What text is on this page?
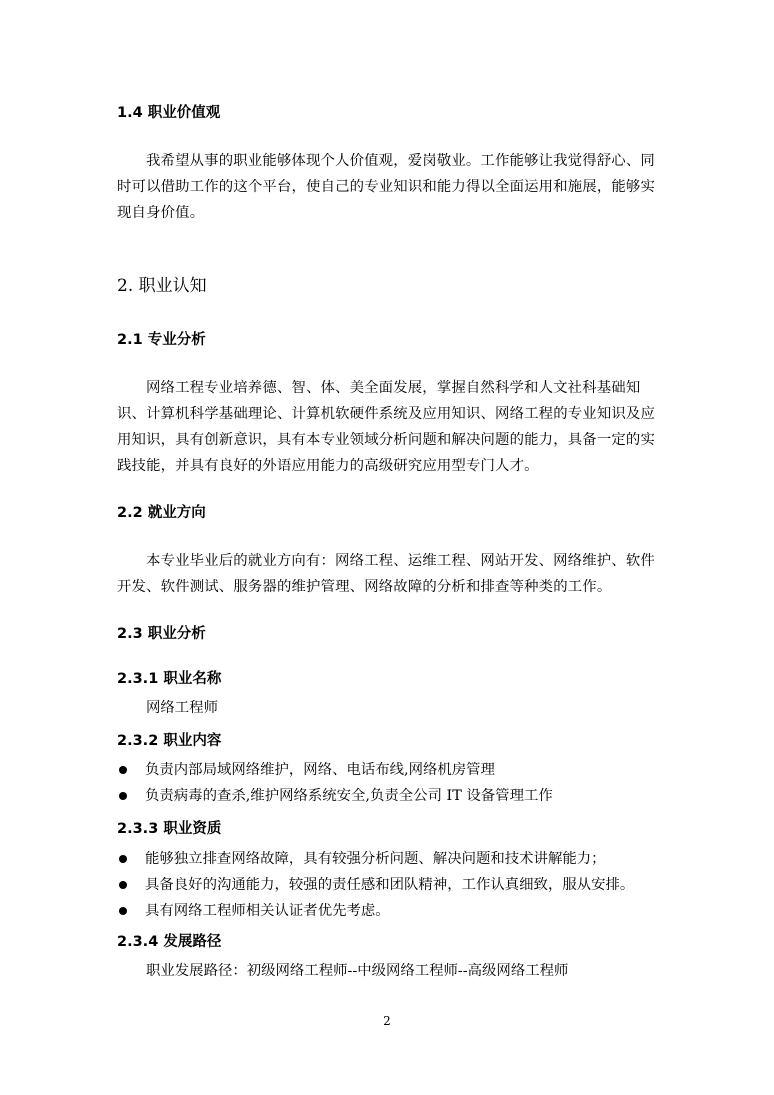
1.4 职业价值观

我希望从事的职业能够体现个人价值观，爱岗敬业。工作能够让我觉得舒心、同时可以借助工作的这个平台，使自己的专业知识和能力得以全面运用和施展，能够实现自身价值。

2. 职业认知
2.1 专业分析

网络工程专业培养德、智、体、美全面发展，掌握自然科学和人文社科基础知识、计算机科学基础理论、计算机软硬件系统及应用知识、网络工程的专业知识及应用知识，具有创新意识，具有本专业领域分析问题和解决问题的能力，具备一定的实践技能，并具有良好的外语应用能力的高级研究应用型专门人才。

2.2 就业方向

本专业毕业后的就业方向有：网络工程、运维工程、网站开发、网络维护、软件开发、软件测试、服务器的维护管理、网络故障的分析和排查等种类的工作。

2.3 职业分析
2.3.1 职业名称

网络工程师

2.3.2 职业内容
负责内部局域网络维护，网络、电话布线,网络机房管理
负责病毒的查杀,维护网络系统安全,负责全公司 IT 设备管理工作
2.3.3 职业资质
能够独立排查网络故障，具有较强分析问题、解决问题和技术讲解能力；
具备良好的沟通能力，较强的责任感和团队精神，工作认真细致，服从安排。
具有网络工程师相关认证者优先考虑。
2.3.4 发展路径

职业发展路径：初级网络工程师--中级网络工程师--高级网络工程师

2
